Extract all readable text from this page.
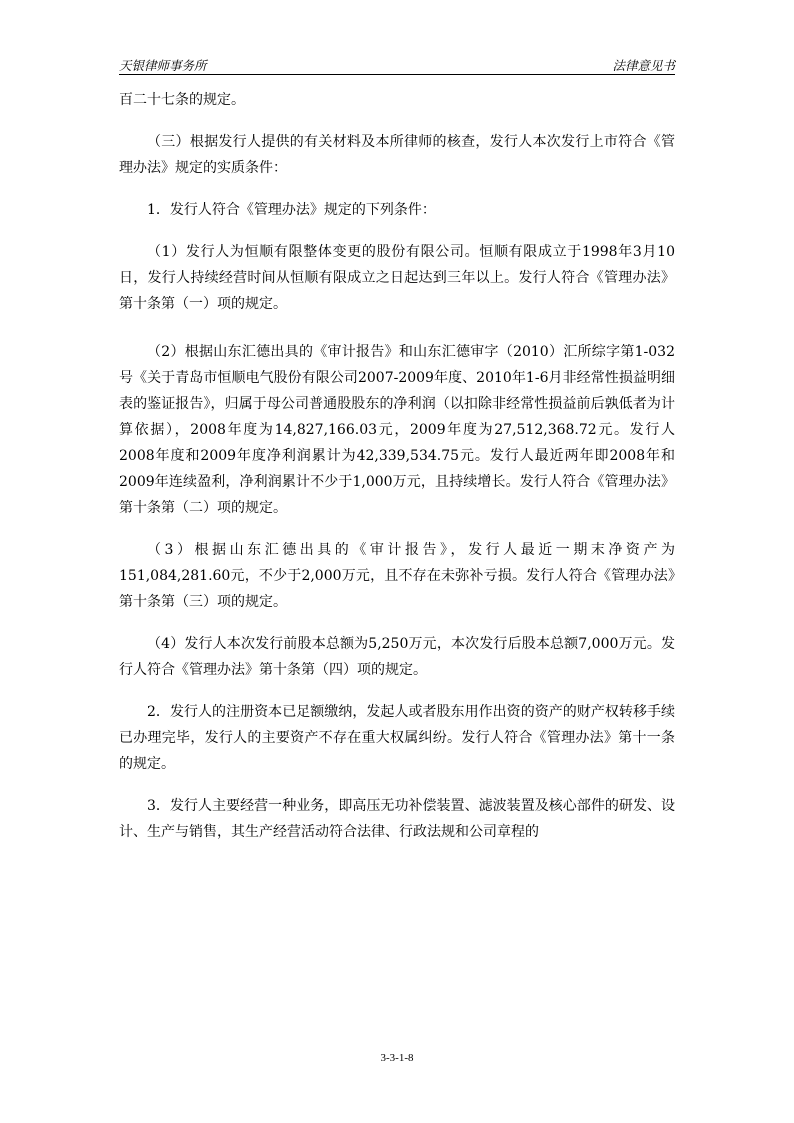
天银律师事务所	法律意见书

百二十七条的规定。

（三）根据发行人提供的有关材料及本所律师的核查，发行人本次发行上市符合《管理办法》规定的实质条件：

1．发行人符合《管理办法》规定的下列条件：

（1）发行人为恒顺有限整体变更的股份有限公司。恒顺有限成立于1998年3月10日，发行人持续经营时间从恒顺有限成立之日起达到三年以上。发行人符合《管理办法》第十条第（一）项的规定。

（2）根据山东汇德出具的《审计报告》和山东汇德审字（2010）汇所综字第1-032号《关于青岛市恒顺电气股份有限公司2007-2009年度、2010年1-6月非经常性损益明细表的鉴证报告》，归属于母公司普通股股东的净利润（以扣除非经常性损益前后孰低者为计算依据），2008年度为14,827,166.03元，2009年度为27,512,368.72元。发行人2008年度和2009年度净利润累计为42,339,534.75元。发行人最近两年即2008年和2009年连续盈利，净利润累计不少于1,000万元，且持续增长。发行人符合《管理办法》第十条第（二）项的规定。

（3）根据山东汇德出具的《审计报告》，发行人最近一期末净资产为151,084,281.60元，不少于2,000万元，且不存在未弥补亏损。发行人符合《管理办法》第十条第（三）项的规定。

（4）发行人本次发行前股本总额为5,250万元，本次发行后股本总额7,000万元。发行人符合《管理办法》第十条第（四）项的规定。

2．发行人的注册资本已足额缴纳，发起人或者股东用作出资的资产的财产权转移手续已办理完毕，发行人的主要资产不存在重大权属纠纷。发行人符合《管理办法》第十一条的规定。

3．发行人主要经营一种业务，即高压无功补偿装置、滤波装置及核心部件的研发、设计、生产与销售，其生产经营活动符合法律、行政法规和公司章程的

3-3-1-8
